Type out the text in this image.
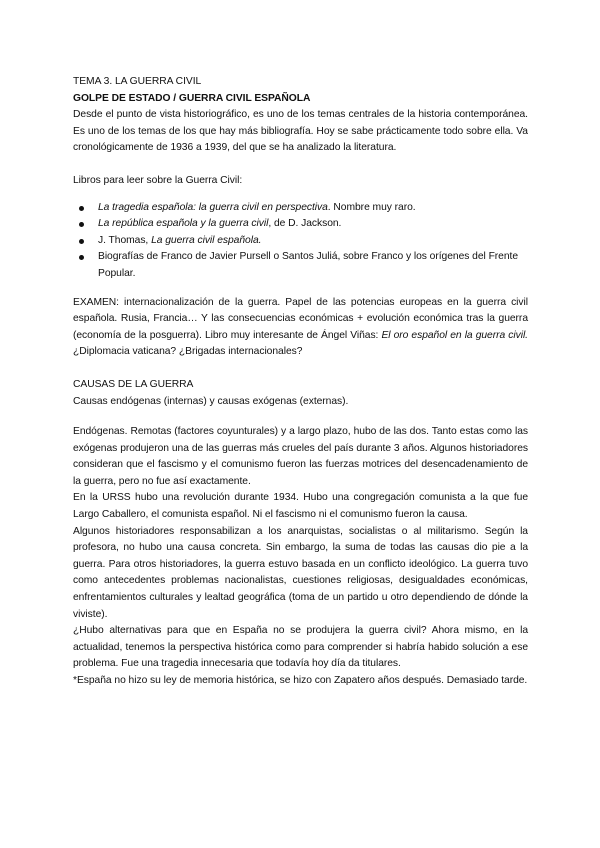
TEMA 3. LA GUERRA CIVIL

GOLPE DE ESTADO / GUERRA CIVIL ESPAÑOLA

Desde el punto de vista historiográfico, es uno de los temas centrales de la historia contemporánea. Es uno de los temas de los que hay más bibliografía. Hoy se sabe prácticamente todo sobre ella. Va cronológicamente de 1936 a 1939, del que se ha analizado la literatura.

Libros para leer sobre la Guerra Civil:

La tragedia española: la guerra civil en perspectiva. Nombre muy raro.
La república española y la guerra civil, de D. Jackson.
J. Thomas, La guerra civil española.
Biografías de Franco de Javier Pursell o Santos Juliá, sobre Franco y los orígenes del Frente Popular.

EXAMEN: internacionalización de la guerra. Papel de las potencias europeas en la guerra civil española. Rusia, Francia… Y las consecuencias económicas + evolución económica tras la guerra (economía de la posguerra). Libro muy interesante de Ángel Viñas: El oro español en la guerra civil. ¿Diplomacia vaticana? ¿Brigadas internacionales?

CAUSAS DE LA GUERRA

Causas endógenas (internas) y causas exógenas (externas).

Endógenas. Remotas (factores coyunturales) y a largo plazo, hubo de las dos. Tanto estas como las exógenas produjeron una de las guerras más crueles del país durante 3 años. Algunos historiadores consideran que el fascismo y el comunismo fueron las fuerzas motrices del desencadenamiento de la guerra, pero no fue así exactamente.

En la URSS hubo una revolución durante 1934. Hubo una congregación comunista a la que fue Largo Caballero, el comunista español. Ni el fascismo ni el comunismo fueron la causa.

Algunos historiadores responsabilizan a los anarquistas, socialistas o al militarismo. Según la profesora, no hubo una causa concreta. Sin embargo, la suma de todas las causas dio pie a la guerra. Para otros historiadores, la guerra estuvo basada en un conflicto ideológico. La guerra tuvo como antecedentes problemas nacionalistas, cuestiones religiosas, desigualdades económicas, enfrentamientos culturales y lealtad geográfica (toma de un partido u otro dependiendo de dónde la viviste).

¿Hubo alternativas para que en España no se produjera la guerra civil? Ahora mismo, en la actualidad, tenemos la perspectiva histórica como para comprender si habría habido solución a ese problema. Fue una tragedia innecesaria que todavía hoy día da titulares.

*España no hizo su ley de memoria histórica, se hizo con Zapatero años después. Demasiado tarde.
